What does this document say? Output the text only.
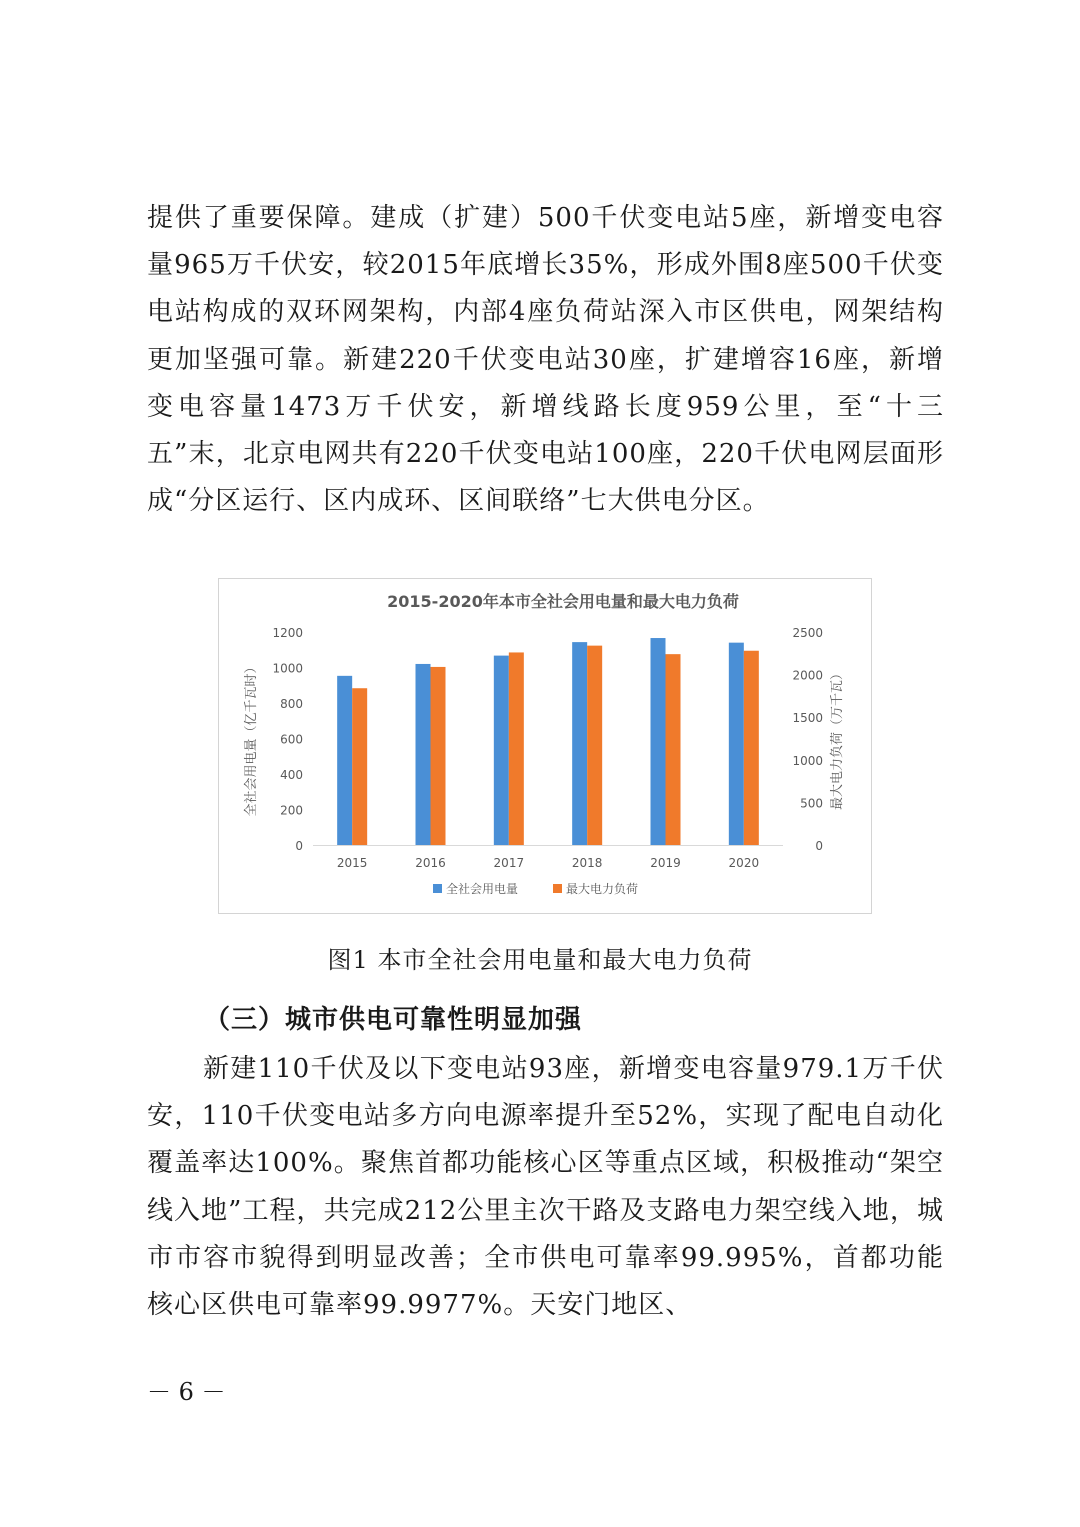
提供了重要保障。建成（扩建）500千伏变电站5座，新增变电容量965万千伏安，较2015年底增长35%，形成外围8座500千伏变电站构成的双环网架构，内部4座负荷站深入市区供电，网架结构更加坚强可靠。新建220千伏变电站30座，扩建增容16座，新增变电容量1473万千伏安，新增线路长度959公里，至“十三五”末，北京电网共有220千伏变电站100座，220千伏电网层面形成“分区运行、区内成环、区间联络”七大供电分区。

2015-2020年本市全社会用电量和最大电力负荷
0
200
400
600
800
1000
1200
0
500
1000
1500
2000
2500
全社会用电量（亿千瓦时）	最大电力负荷（万千瓦）
2015	2016	2017	2018	2019	2020
全社会用电量	最大电力负荷
图1 本市全社会用电量和最大电力负荷
（三）城市供电可靠性明显加强

新建110千伏及以下变电站93座，新增变电容量979.1万千伏安，110千伏变电站多方向电源率提升至52%，实现了配电自动化覆盖率达100%。聚焦首都功能核心区等重点区域，积极推动“架空线入地”工程，共完成212公里主次干路及支路电力架空线入地，城市市容市貌得到明显改善；全市供电可靠率99.995%，首都功能核心区供电可靠率99.9977%。天安门地区、

－ 6 －
